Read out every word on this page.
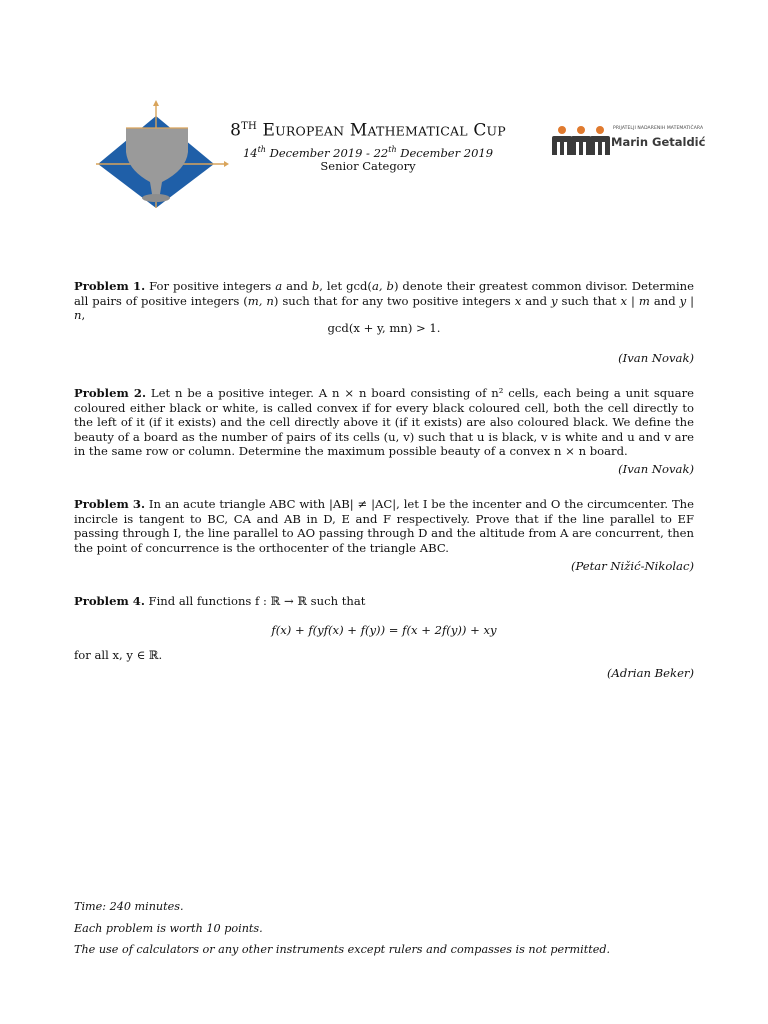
8TH EUROPEAN MATHEMATICAL CUP
14th December 2019 - 22th December 2019
Senior Category
PRIJATELJI NADARENIH MATEMATIČARA
Marin Getaldić
Problem 1. For positive integers a and b, let gcd(a, b) denote their greatest common divisor. Determine all pairs of positive integers (m, n) such that for any two positive integers x and y such that x | m and y | n,
gcd(x + y, mn) > 1.
(Ivan Novak)
Problem 2. Let n be a positive integer. A n × n board consisting of n² cells, each being a unit square coloured either black or white, is called convex if for every black coloured cell, both the cell directly to the left of it (if it exists) and the cell directly above it (if it exists) are also coloured black. We define the beauty of a board as the number of pairs of its cells (u, v) such that u is black, v is white and u and v are in the same row or column. Determine the maximum possible beauty of a convex n × n board.
(Ivan Novak)
Problem 3. In an acute triangle ABC with |AB| ≠ |AC|, let I be the incenter and O the circumcenter. The incircle is tangent to BC, CA and AB in D, E and F respectively. Prove that if the line parallel to EF passing through I, the line parallel to AO passing through D and the altitude from A are concurrent, then the point of concurrence is the orthocenter of the triangle ABC.
(Petar Nižić-Nikolac)
Problem 4. Find all functions f : ℝ → ℝ such that
f(x) + f(yf(x) + f(y)) = f(x + 2f(y)) + xy
for all x, y ∈ ℝ.
(Adrian Beker)
Time: 240 minutes.
Each problem is worth 10 points.
The use of calculators or any other instruments except rulers and compasses is not permitted.
